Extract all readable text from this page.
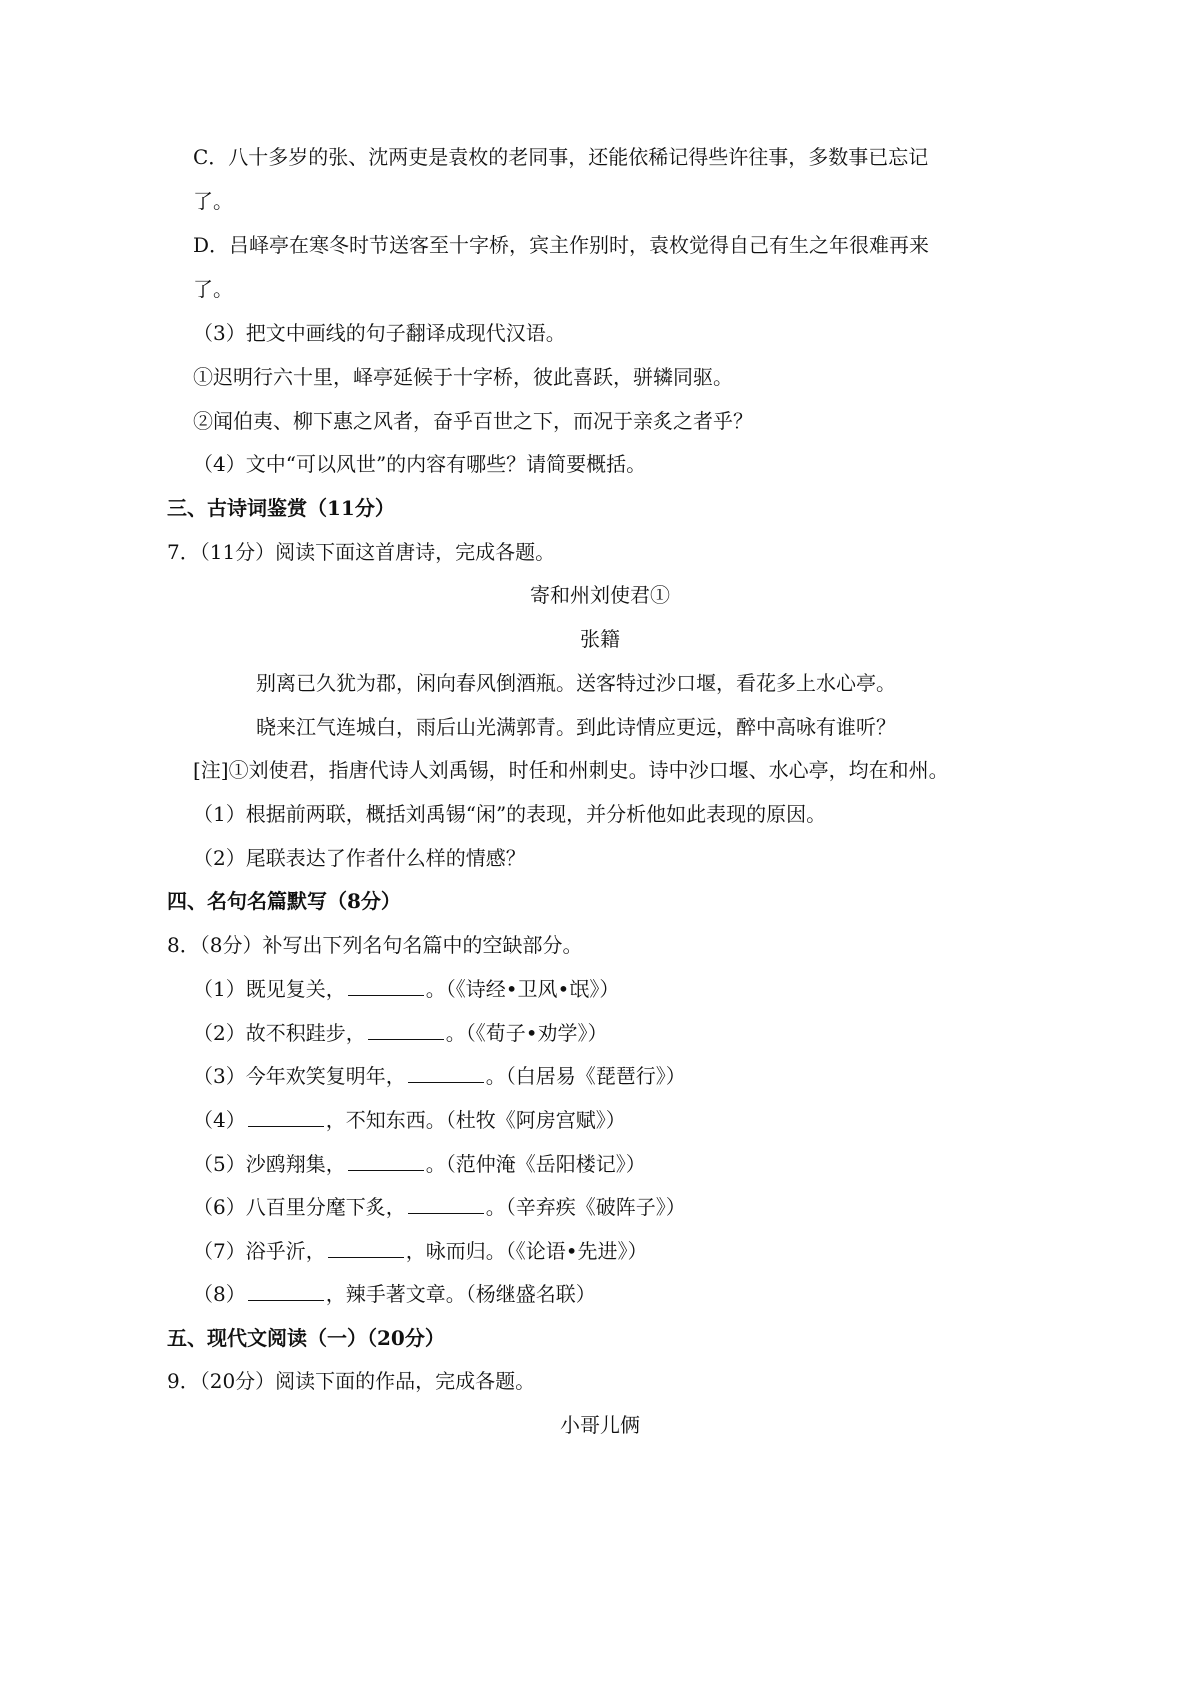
C．八十多岁的张、沈两吏是袁枚的老同事，还能依稀记得些许往事，多数事已忘记
了。
D．吕峄亭在寒冬时节送客至十字桥，宾主作别时，袁枚觉得自己有生之年很难再来
了。
（3）把文中画线的句子翻译成现代汉语。
①迟明行六十里，峄亭延候于十字桥，彼此喜跃，骈辚同驱。
②闻伯夷、柳下惠之风者，奋乎百世之下，而况于亲炙之者乎？
（4）文中“可以风世”的内容有哪些？请简要概括。
三、古诗词鉴赏（11分）
7．（11分）阅读下面这首唐诗，完成各题。
寄和州刘使君①
张籍
别离已久犹为郡，闲向春风倒酒瓶。送客特过沙口堰，看花多上水心亭。
晓来江气连城白，雨后山光满郭青。到此诗情应更远，醉中高咏有谁听？
[注]①刘使君，指唐代诗人刘禹锡，时任和州刺史。诗中沙口堰、水心亭，均在和州。
（1）根据前两联，概括刘禹锡“闲”的表现，并分析他如此表现的原因。
（2）尾联表达了作者什么样的情感？
四、名句名篇默写（8分）
8．（8分）补写出下列名句名篇中的空缺部分。
（1）既见复关，	。（《诗经•卫风•氓》）
（2）故不积跬步，	。（《荀子•劝学》）
（3）今年欢笑复明年，	。（白居易《琵琶行》）
（4）	，不知东西。（杜牧《阿房宫赋》）
（5）沙鸥翔集，	。（范仲淹《岳阳楼记》）
（6）八百里分麾下炙，	。（辛弃疾《破阵子》）
（7）浴乎沂，	，咏而归。（《论语•先进》）
（8）	，辣手著文章。（杨继盛名联）
五、现代文阅读（一）（20分）
9．（20分）阅读下面的作品，完成各题。
小哥儿俩
